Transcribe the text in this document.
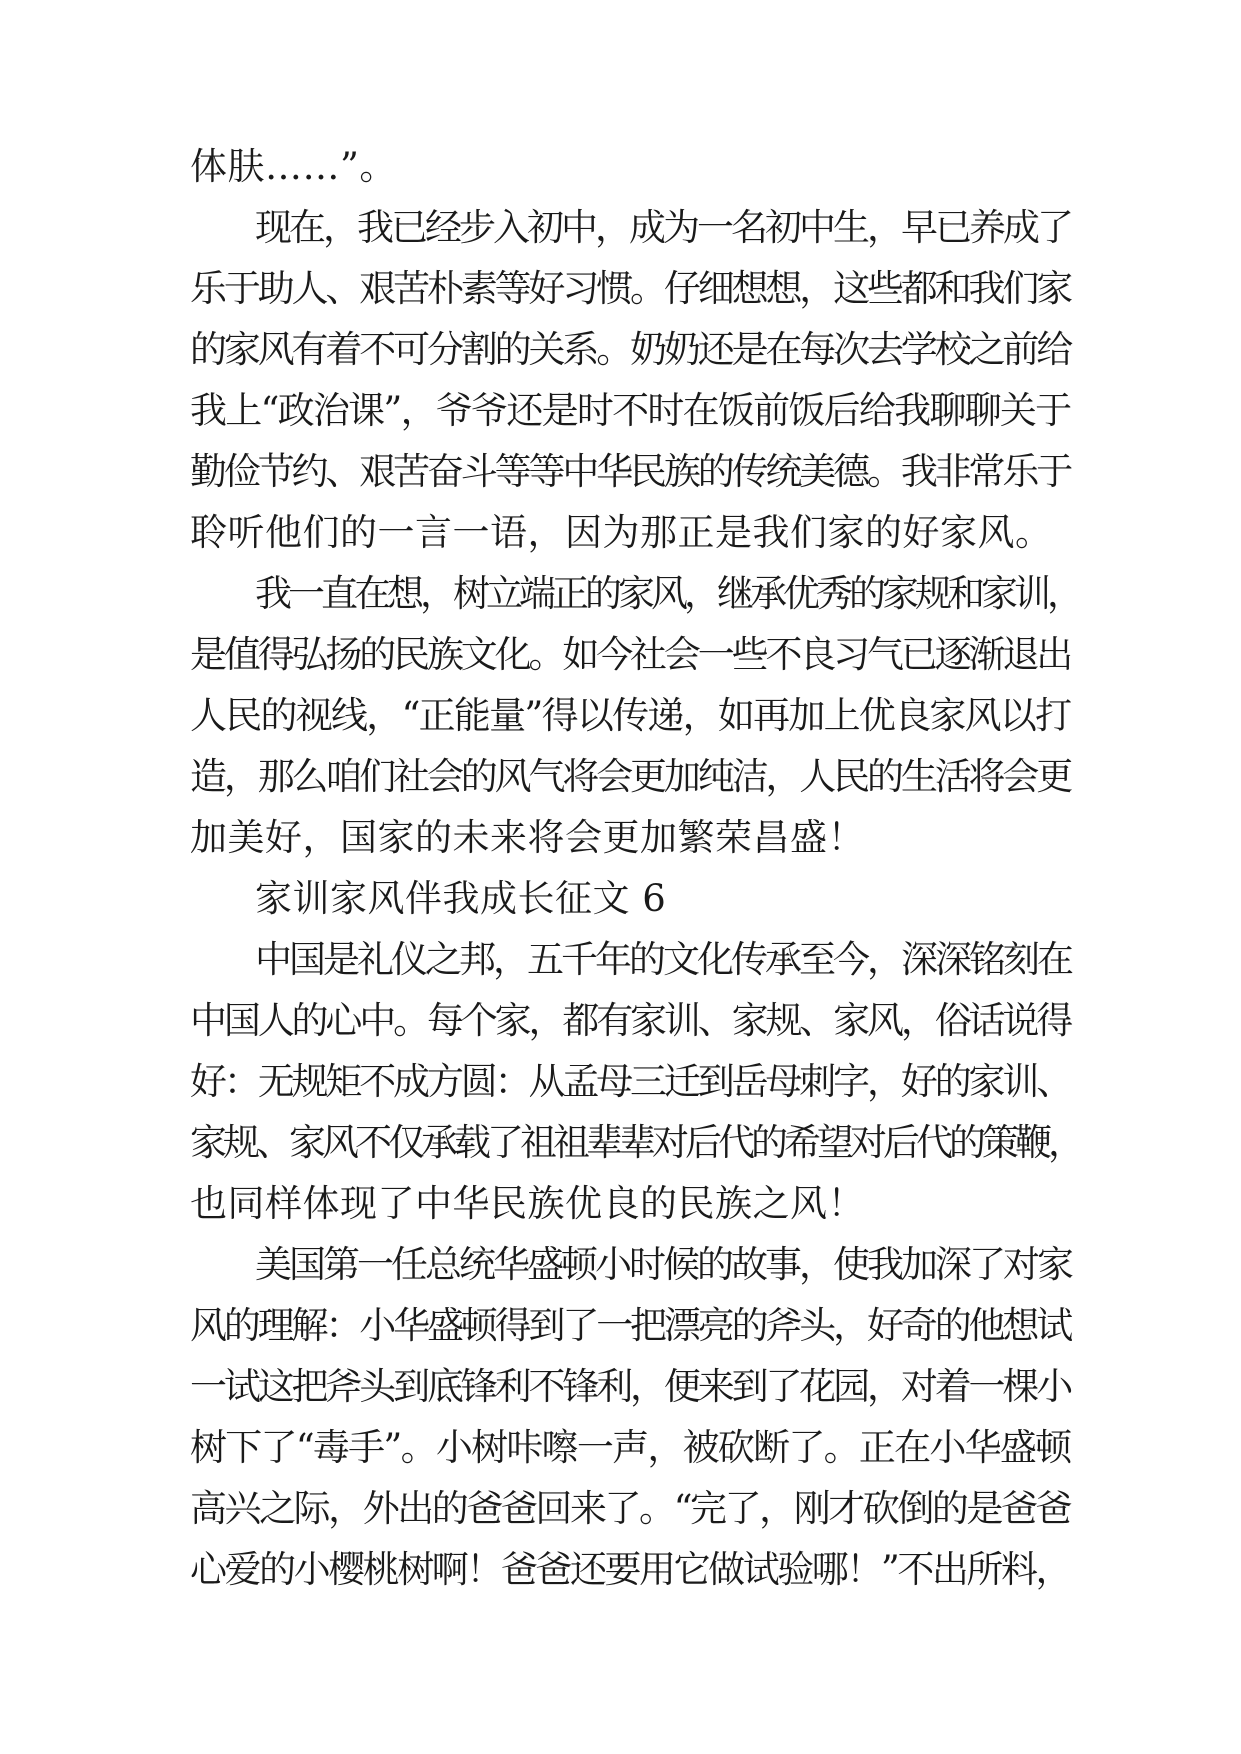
体肤……”。
现在，我已经步入初中，成为一名初中生，早已养成了
乐于助人、艰苦朴素等好习惯。仔细想想，这些都和我们家
的家风有着不可分割的关系。奶奶还是在每次去学校之前给
我上“政治课”，爷爷还是时不时在饭前饭后给我聊聊关于
勤俭节约、艰苦奋斗等等中华民族的传统美德。我非常乐于
聆听他们的一言一语，因为那正是我们家的好家风。
我一直在想，树立端正的家风，继承优秀的家规和家训，
是值得弘扬的民族文化。如今社会一些不良习气已逐渐退出
人民的视线，“正能量”得以传递，如再加上优良家风以打
造，那么咱们社会的风气将会更加纯洁，人民的生活将会更
加美好，国家的未来将会更加繁荣昌盛！
家训家风伴我成长征文 6
中国是礼仪之邦，五千年的文化传承至今，深深铭刻在
中国人的心中。每个家，都有家训、家规、家风，俗话说得
好：无规矩不成方圆：从孟母三迁到岳母刺字，好的家训、
家规、家风不仅承载了祖祖辈辈对后代的希望对后代的策鞭，
也同样体现了中华民族优良的民族之风！
美国第一任总统华盛顿小时候的故事，使我加深了对家
风的理解：小华盛顿得到了一把漂亮的斧头，好奇的他想试
一试这把斧头到底锋利不锋利，便来到了花园，对着一棵小
树下了“毒手”。小树咔嚓一声，被砍断了。正在小华盛顿
高兴之际，外出的爸爸回来了。“完了，刚才砍倒的是爸爸
心爱的小樱桃树啊！爸爸还要用它做试验哪！”不出所料，
